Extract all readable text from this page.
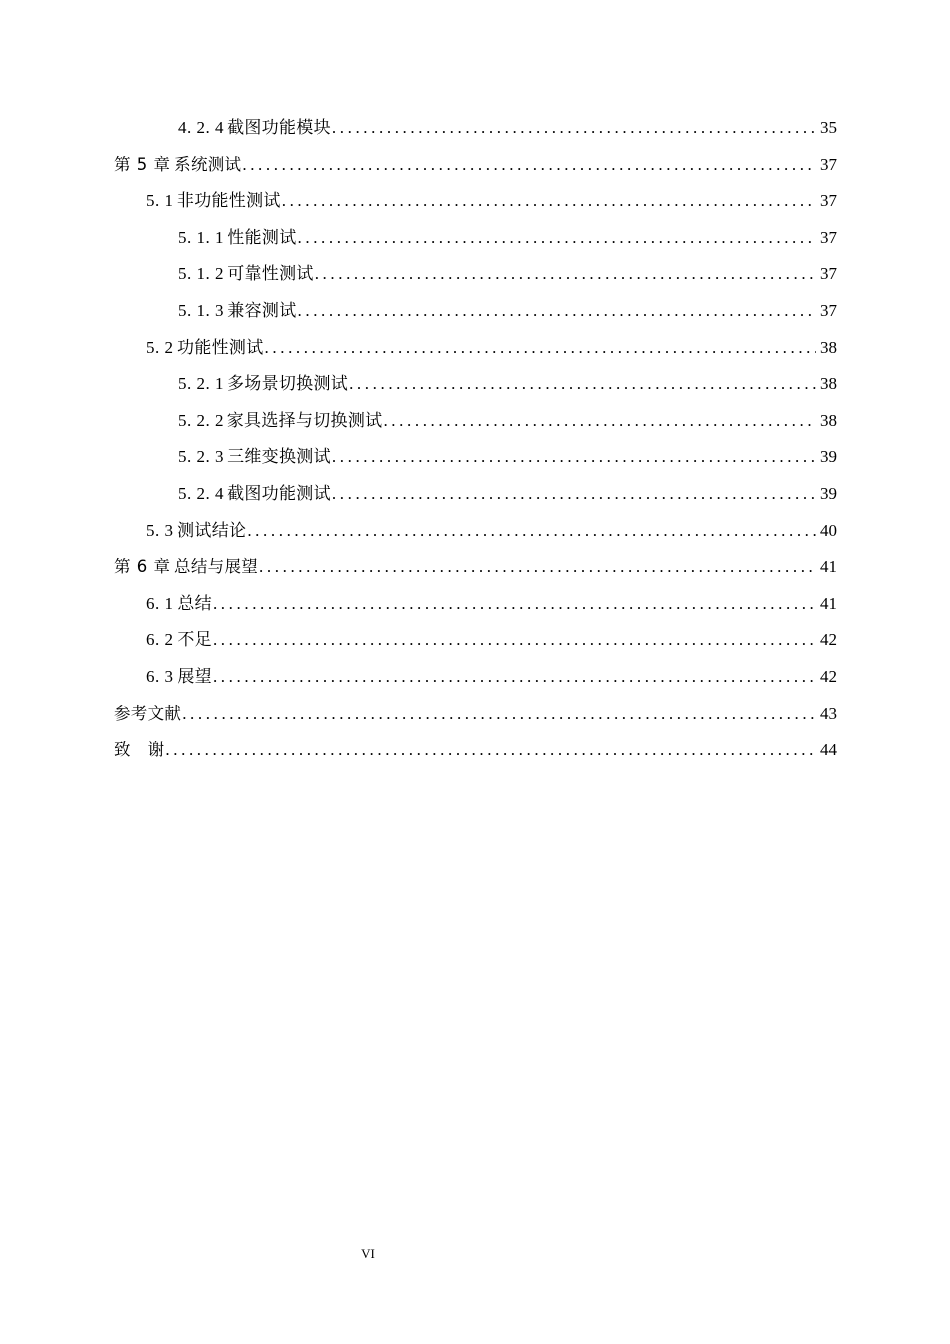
4. 2. 4 截图功能模块 .....	35
第 5 章 系统测试 .....	37
5. 1 非功能性测试 .....	37
5. 1. 1 性能测试 .....	37
5. 1. 2 可靠性测试 .....	37
5. 1. 3 兼容测试 .....	37
5. 2 功能性测试 .....	38
5. 2. 1 多场景切换测试 .....	38
5. 2. 2 家具选择与切换测试 .....	38
5. 2. 3 三维变换测试 .....	39
5. 2. 4 截图功能测试 .....	39
5. 3 测试结论 .....	40
第 6 章 总结与展望 .....	41
6. 1 总结 .....	41
6. 2 不足 .....	42
6. 3 展望 .....	42
参考文献 .....	43
致　谢 .....	44
VI
